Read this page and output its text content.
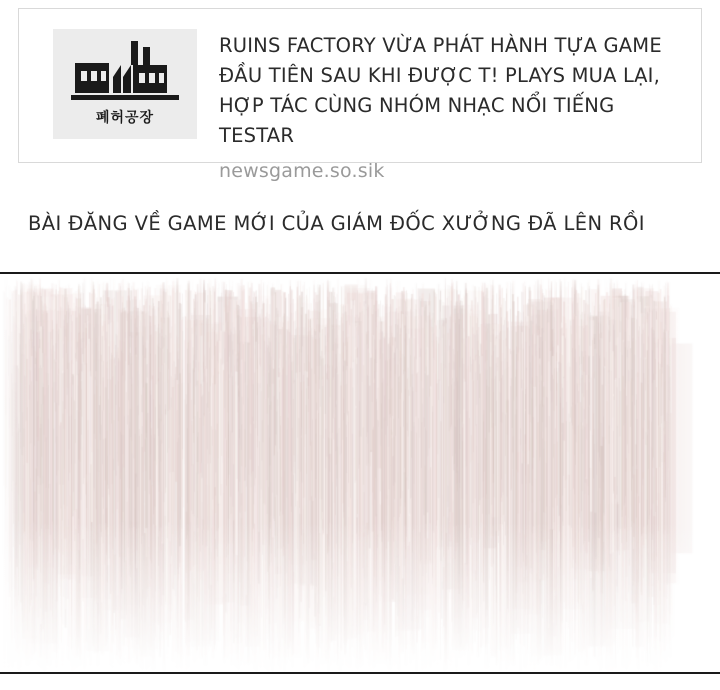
폐허공장
RUINS FACTORY VỪA PHÁT HÀNH TỰA GAME ĐẦU TIÊN SAU KHI ĐƯỢC T! PLAYS MUA LẠI, HỢP TÁC CÙNG NHÓM NHẠC NỔI TIẾNG TESTAR
newsgame.so.sik
BÀI ĐĂNG VỀ GAME MỚI CỦA GIÁM ĐỐC XƯỞNG ĐÃ LÊN RỒI
